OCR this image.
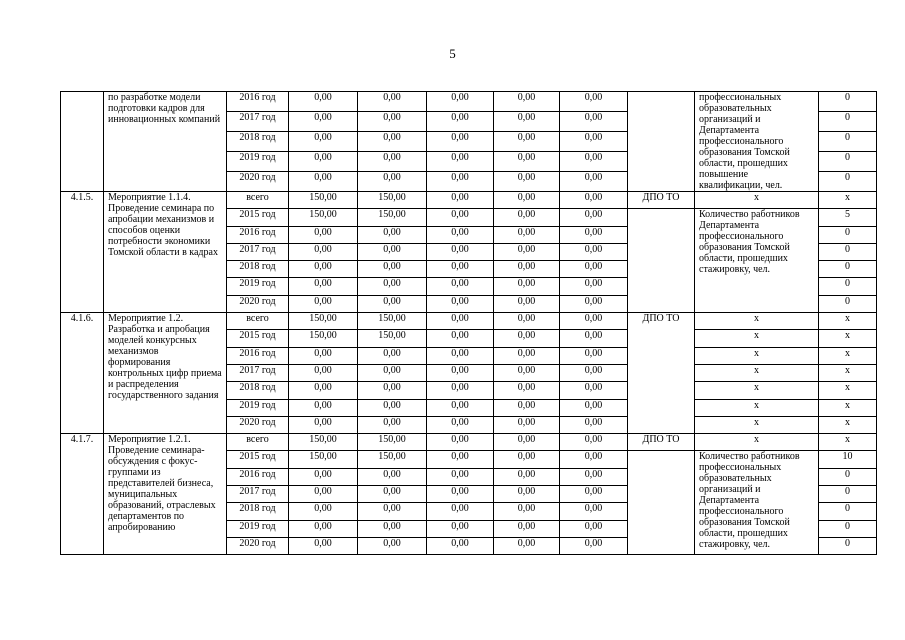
5

	по разработке модели подготовки кадров для инновационных компаний	2016 год	0,00	0,00	0,00	0,00	0,00		профессиональных образовательных организаций и Департамента профессионального образования Томской области, прошедших повышение квалификации, чел.	0
		2017 год	0,00	0,00	0,00	0,00	0,00			0
		2018 год	0,00	0,00	0,00	0,00	0,00			0
		2019 год	0,00	0,00	0,00	0,00	0,00			0
		2020 год	0,00	0,00	0,00	0,00	0,00			0
4.1.5.	Мероприятие 1.1.4. Проведение семинара по апробации механизмов и способов оценки потребности экономики Томской области в кадрах	всего	150,00	150,00	0,00	0,00	0,00	ДПО ТО	x	x
		2015 год	150,00	150,00	0,00	0,00	0,00		Количество работников Департамента профессионального образования Томской области, прошедших стажировку, чел.	5
		2016 год	0,00	0,00	0,00	0,00	0,00			0
		2017 год	0,00	0,00	0,00	0,00	0,00			0
		2018 год	0,00	0,00	0,00	0,00	0,00			0
		2019 год	0,00	0,00	0,00	0,00	0,00			0
		2020 год	0,00	0,00	0,00	0,00	0,00			0
4.1.6.	Мероприятие 1.2. Разработка и апробация моделей конкурсных механизмов формирования контрольных цифр приема и распределения государственного задания	всего	150,00	150,00	0,00	0,00	0,00	ДПО ТО	x	x
		2015 год	150,00	150,00	0,00	0,00	0,00		x	x
		2016 год	0,00	0,00	0,00	0,00	0,00		x	x
		2017 год	0,00	0,00	0,00	0,00	0,00		x	x
		2018 год	0,00	0,00	0,00	0,00	0,00		x	x
		2019 год	0,00	0,00	0,00	0,00	0,00		x	x
		2020 год	0,00	0,00	0,00	0,00	0,00		x	x
4.1.7.	Мероприятие 1.2.1. Проведение семинара-обсуждения с фокус-группами из представителей бизнеса, муниципальных образований, отраслевых департаментов по апробированию	всего	150,00	150,00	0,00	0,00	0,00	ДПО ТО	x	x
		2015 год	150,00	150,00	0,00	0,00	0,00		Количество работников профессиональных образовательных организаций и Департамента профессионального образования Томской области, прошедших стажировку, чел.	10
		2016 год	0,00	0,00	0,00	0,00	0,00			0
		2017 год	0,00	0,00	0,00	0,00	0,00			0
		2018 год	0,00	0,00	0,00	0,00	0,00			0
		2019 год	0,00	0,00	0,00	0,00	0,00			0
		2020 год	0,00	0,00	0,00	0,00	0,00			0
